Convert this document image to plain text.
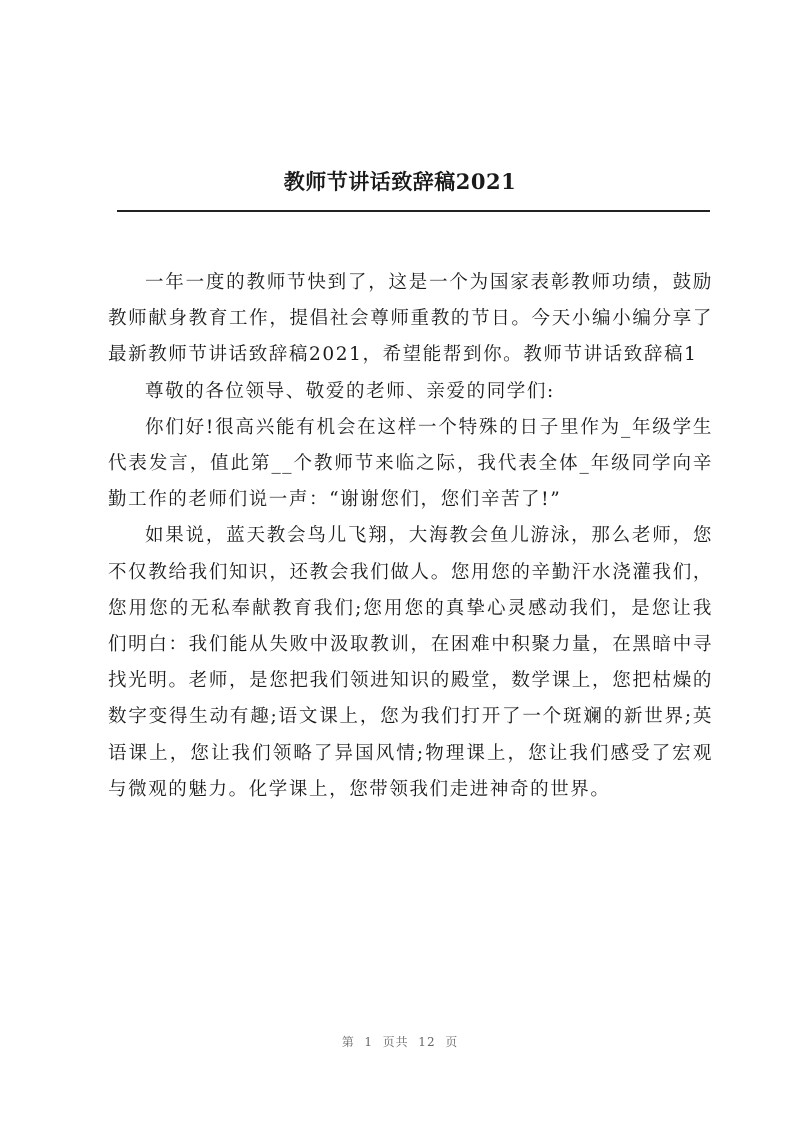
教师节讲话致辞稿2021

一年一度的教师节快到了，这是一个为国家表彰教师功绩，鼓励教师献身教育工作，提倡社会尊师重教的节日。今天小编小编分享了最新教师节讲话致辞稿2021，希望能帮到你。教师节讲话致辞稿1

尊敬的各位领导、敬爱的老师、亲爱的同学们:

你们好!很高兴能有机会在这样一个特殊的日子里作为_年级学生代表发言，值此第__个教师节来临之际，我代表全体_年级同学向辛勤工作的老师们说一声：“谢谢您们，您们辛苦了!”

如果说，蓝天教会鸟儿飞翔，大海教会鱼儿游泳，那么老师，您不仅教给我们知识，还教会我们做人。您用您的辛勤汗水浇灌我们，您用您的无私奉献教育我们;您用您的真挚心灵感动我们，是您让我们明白：我们能从失败中汲取教训，在困难中积聚力量，在黑暗中寻找光明。老师，是您把我们领进知识的殿堂，数学课上，您把枯燥的数字变得生动有趣;语文课上，您为我们打开了一个斑斓的新世界;英语课上，您让我们领略了异国风情;物理课上，您让我们感受了宏观与微观的魅力。化学课上，您带领我们走进神奇的世界。

第  1  页共  12  页
